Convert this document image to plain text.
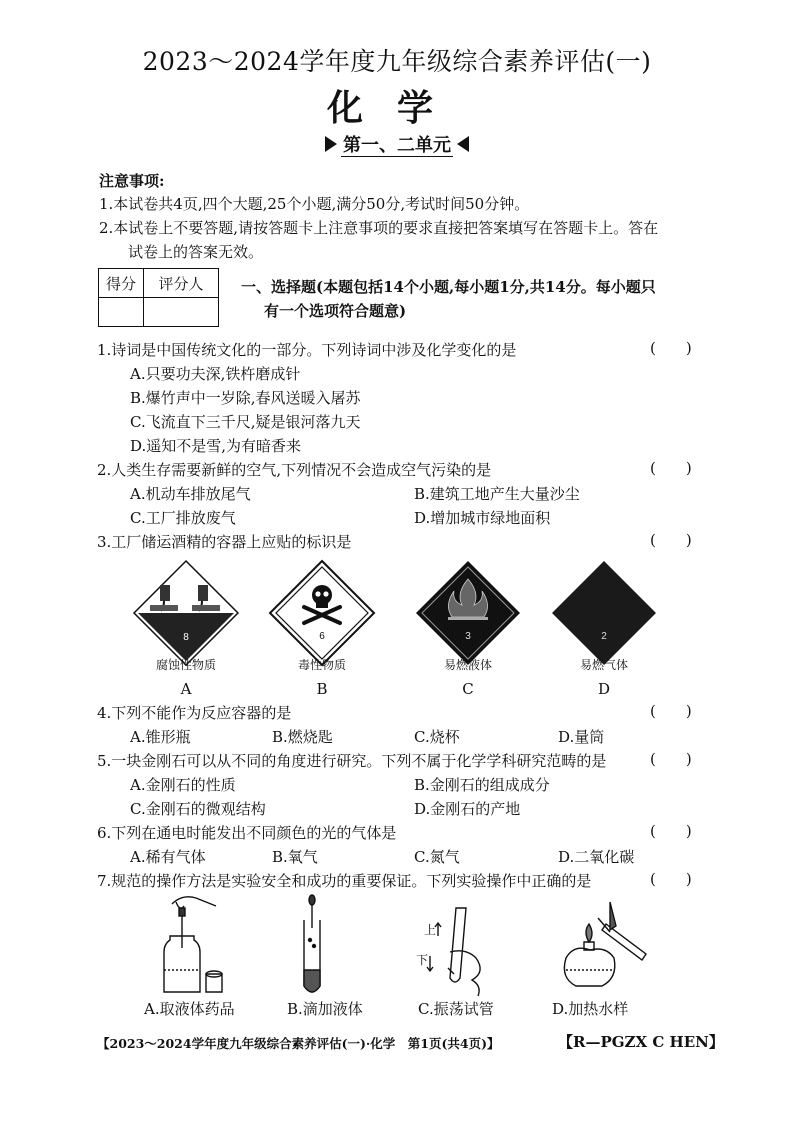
2023～2024学年度九年级综合素养评估(一)
化学
第一、二单元
注意事项:
1.本试卷共4页,四个大题,25个小题,满分50分,考试时间50分钟。
2.本试卷上不要答题,请按答题卡上注意事项的要求直接把答案填写在答题卡上。答在
试卷上的答案无效。
得分	评分人
		一、选择题(本题包括14个小题,每小题1分,共14分。每小题只
有一个选项符合题意)
1.诗词是中国传统文化的一部分。下列诗词中涉及化学变化的是	(　　)
A.只要功夫深,铁杵磨成针
B.爆竹声中一岁除,春风送暖入屠苏
C.飞流直下三千尺,疑是银河落九天
D.遥知不是雪,为有暗香来
2.人类生存需要新鲜的空气,下列情况不会造成空气污染的是	(　　)
A.机动车排放尾气	B.建筑工地产生大量沙尘
C.工厂排放废气	D.增加城市绿地面积
3.工厂储运酒精的容器上应贴的标识是	(　　)
8	6	3	2
腐蚀性物质	毒性物质	易燃液体	易燃气体
A	B	C	D
4.下列不能作为反应容器的是	(　　)
A.锥形瓶	B.燃烧匙	C.烧杯	D.量筒
5.一块金刚石可以从不同的角度进行研究。下列不属于化学学科研究范畴的是	(　　)
A.金刚石的性质	B.金刚石的组成成分
C.金刚石的微观结构	D.金刚石的产地
6.下列在通电时能发出不同颜色的光的气体是	(　　)
A.稀有气体	B.氧气	C.氮气	D.二氧化碳
7.规范的操作方法是实验安全和成功的重要保证。下列实验操作中正确的是	(　　)
上
下
A.取液体药品	B.滴加液体	C.振荡试管	D.加热水样
【2023～2024学年度九年级综合素养评估(一)·化学　第1页(共4页)】	【R—PGZX C HEN】
